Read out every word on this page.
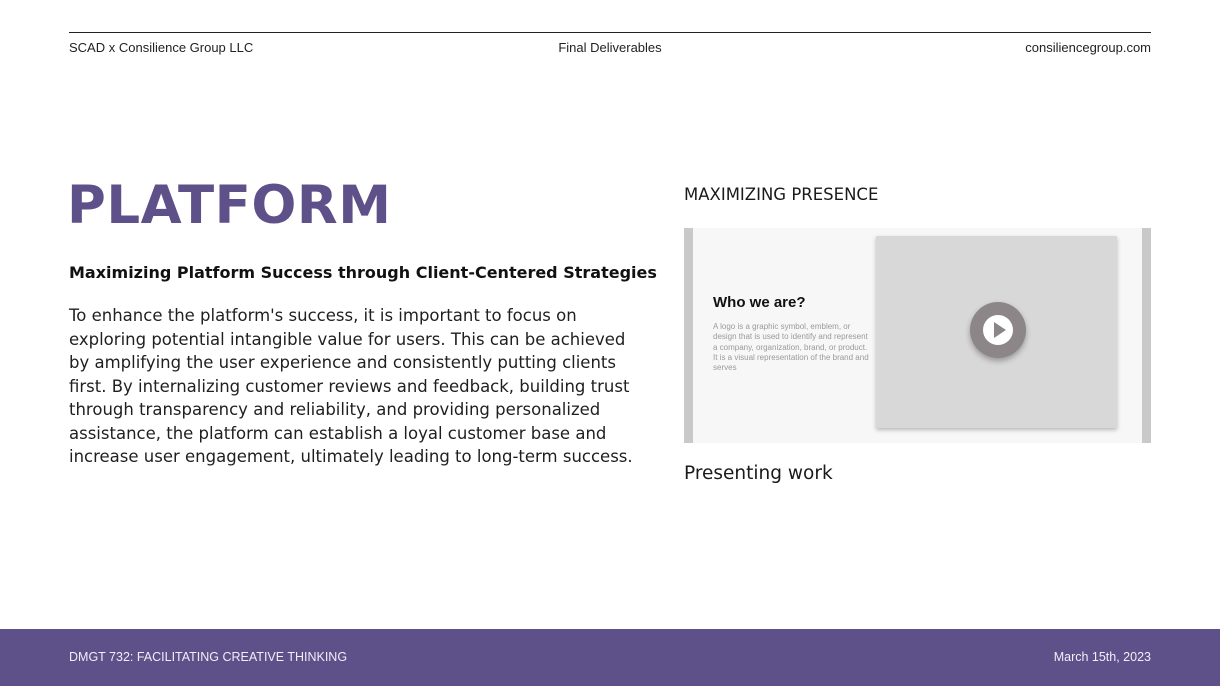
SCAD x Consilience Group LLC	Final Deliverables	consiliencegroup.com
PLATFORM
Maximizing Platform Success through Client-Centered Strategies

To enhance the platform's success, it is important to focus on exploring potential intangible value for users. This can be achieved by amplifying the user experience and consistently putting clients first. By internalizing customer reviews and feedback, building trust through transparency and reliability, and providing personalized assistance, the platform can establish a loyal customer base and increase user engagement, ultimately leading to long-term success.

MAXIMIZING PRESENCE
Who we are?

A logo is a graphic symbol, emblem, or design that is used to identify and represent a company, organization, brand, or product. It is a visual representation of the brand and serves

Presenting work
DMGT 732: FACILITATING CREATIVE THINKING	March 15th, 2023
